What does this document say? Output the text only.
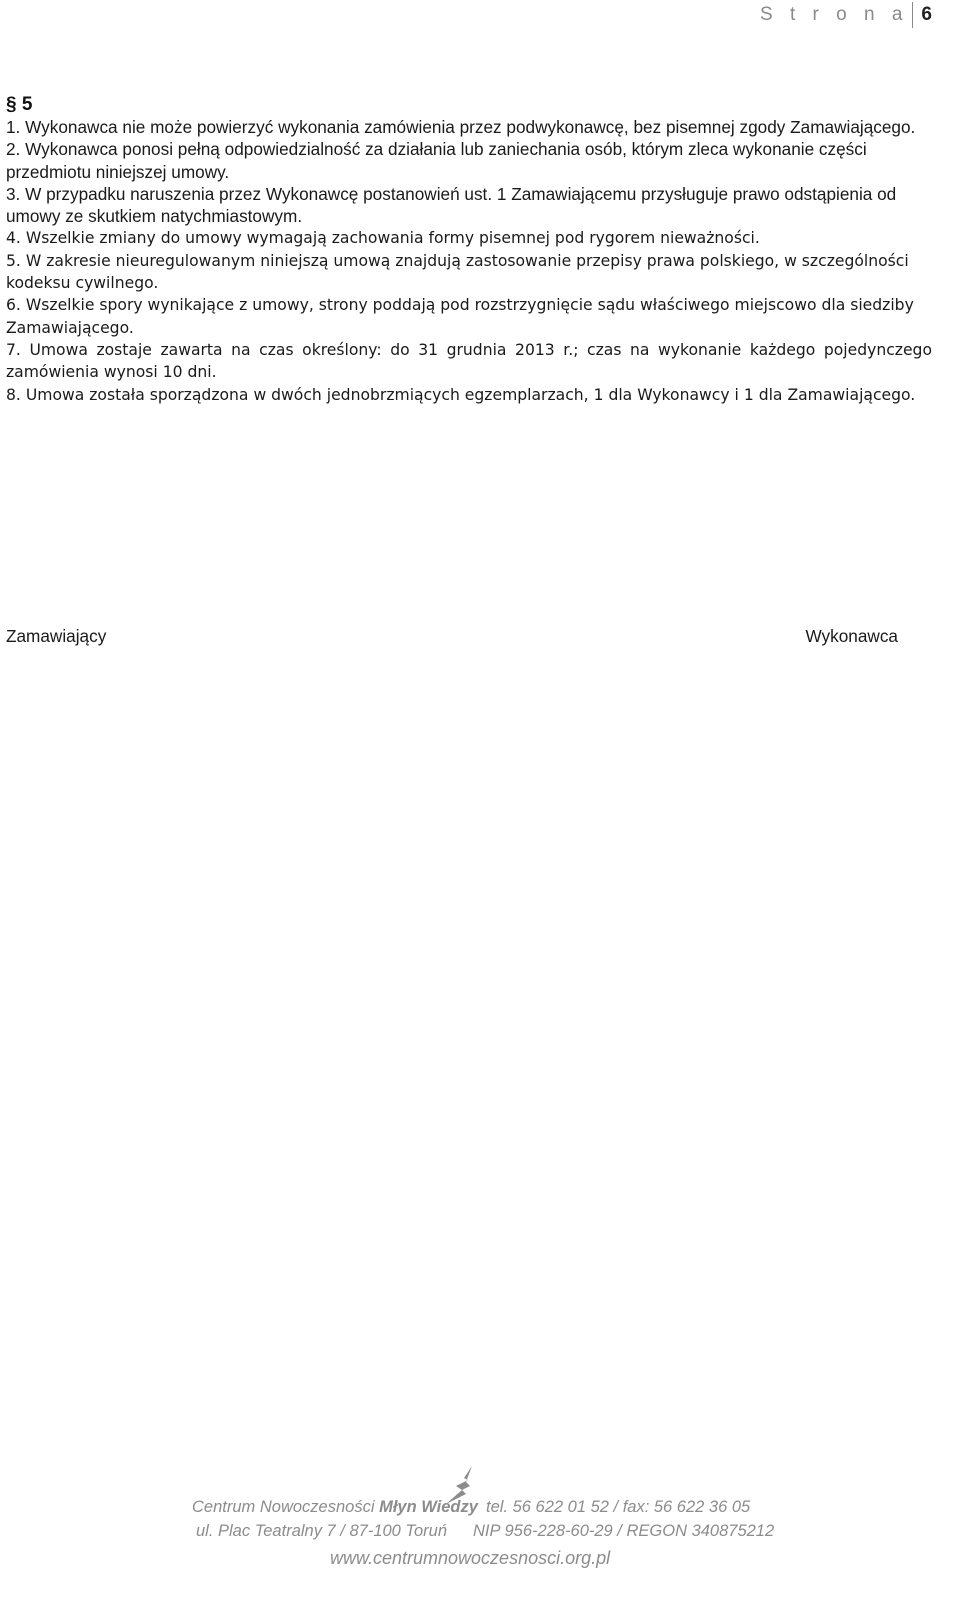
S t r o n a 6
§ 5

1. Wykonawca nie może powierzyć wykonania zamówienia przez podwykonawcę, bez pisemnej zgody Zamawiającego.

2. Wykonawca ponosi pełną odpowiedzialność za działania lub zaniechania osób, którym zleca wykonanie części przedmiotu niniejszej umowy.

3. W przypadku naruszenia przez Wykonawcę postanowień ust. 1 Zamawiającemu przysługuje prawo odstąpienia od umowy ze skutkiem natychmiastowym.

4. Wszelkie zmiany do umowy wymagają zachowania formy pisemnej pod rygorem nieważności.

5. W zakresie nieuregulowanym niniejszą umową znajdują zastosowanie przepisy prawa polskiego, w szczególności kodeksu cywilnego.

6. Wszelkie spory wynikające z umowy, strony poddają pod rozstrzygnięcie sądu właściwego miejscowo dla siedziby Zamawiającego.

7. Umowa zostaje zawarta na czas określony: do 31 grudnia 2013 r.; czas na wykonanie każdego pojedynczego zamówienia wynosi 10 dni.

8. Umowa została sporządzona w dwóch jednobrzmiących egzemplarzach, 1 dla Wykonawcy i 1 dla Zamawiającego.

Zamawiający	Wykonawca
Centrum Nowoczesności Młyn Wiedzy tel. 56 622 01 52 / fax: 56 622 36 05
ul. Plac Teatralny 7 / 87-100 Toruń NIP 956-228-60-29 / REGON 340875212
www.centrumnowoczesnosci.org.pl
